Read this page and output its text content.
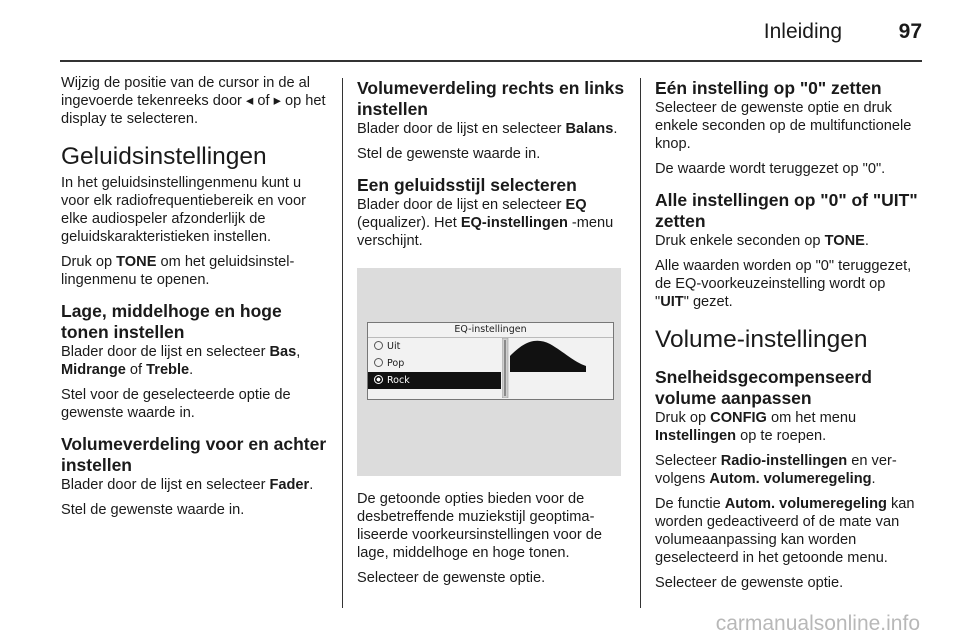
Inleiding	97

Wijzig de positie van de cursor in de al ingevoerde tekenreeks door ◂ of ▸ op het display te selecteren.

Geluidsinstellingen

In het geluidsinstellingenmenu kunt u voor elk radiofrequentiebereik en voor elke audiospeler afzonderlijk de geluidskarakteristieken instellen.

Druk op TONE om het geluidsinstellingenmenu te openen.

Lage, middelhoge en hoge tonen instellen

Blader door de lijst en selecteer Bas, Midrange of Treble.

Stel voor de geselecteerde optie de gewenste waarde in.

Volumeverdeling voor en achter instellen

Blader door de lijst en selecteer Fader.

Stel de gewenste waarde in.

Volumeverdeling rechts en links instellen

Blader door de lijst en selecteer Balans.

Stel de gewenste waarde in.

Een geluidsstijl selecteren

Blader door de lijst en selecteer EQ (equalizer). Het EQ-instellingen -menu verschijnt.

EQ-instellingen
Uit
Pop
Rock

De getoonde opties bieden voor de desbetreffende muziekstijl geoptimaliseerde voorkeursinstellingen voor de lage, middelhoge en hoge tonen.

Selecteer de gewenste optie.

Eén instelling op "0" zetten

Selecteer de gewenste optie en druk enkele seconden op de multifunctionele knop.

De waarde wordt teruggezet op "0".

Alle instellingen op "0" of "UIT" zetten

Druk enkele seconden op TONE.

Alle waarden worden op "0" teruggezet, de EQ-voorkeuzeinstelling wordt op "UIT" gezet.

Volume-instellingen
Snelheidsgecompenseerd volume aanpassen

Druk op CONFIG om het menu Instellingen op te roepen.

Selecteer Radio-instellingen en vervolgens Autom. volumeregeling.

De functie Autom. volumeregeling kan worden gedeactiveerd of de mate van volumeaanpassing kan worden geselecteerd in het getoonde menu.

Selecteer de gewenste optie.

carmanualsonline.info
